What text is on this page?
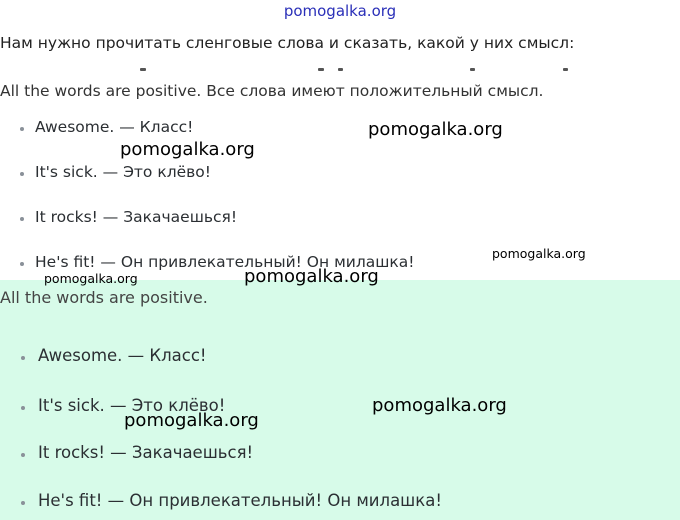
pomogalka.org
Нам нужно прочитать сленговые слова и сказать, какой у них смысл:
All the words are positive. Все слова имеют положительный смысл.
Awesome. — Класс!
It's sick. — Это клёво!
It rocks! — Закачаешься!
He's fit! — Он привлекательный! Он милашка!
All the words are positive.
Awesome. — Класс!
It's sick. — Это клёво!
It rocks! — Закачаешься!
He's fit! — Он привлекательный! Он милашка!
pomogalka.org
pomogalka.org
pomogalka.org
pomogalka.org	pomogalka.org
pomogalka.org
pomogalka.org
